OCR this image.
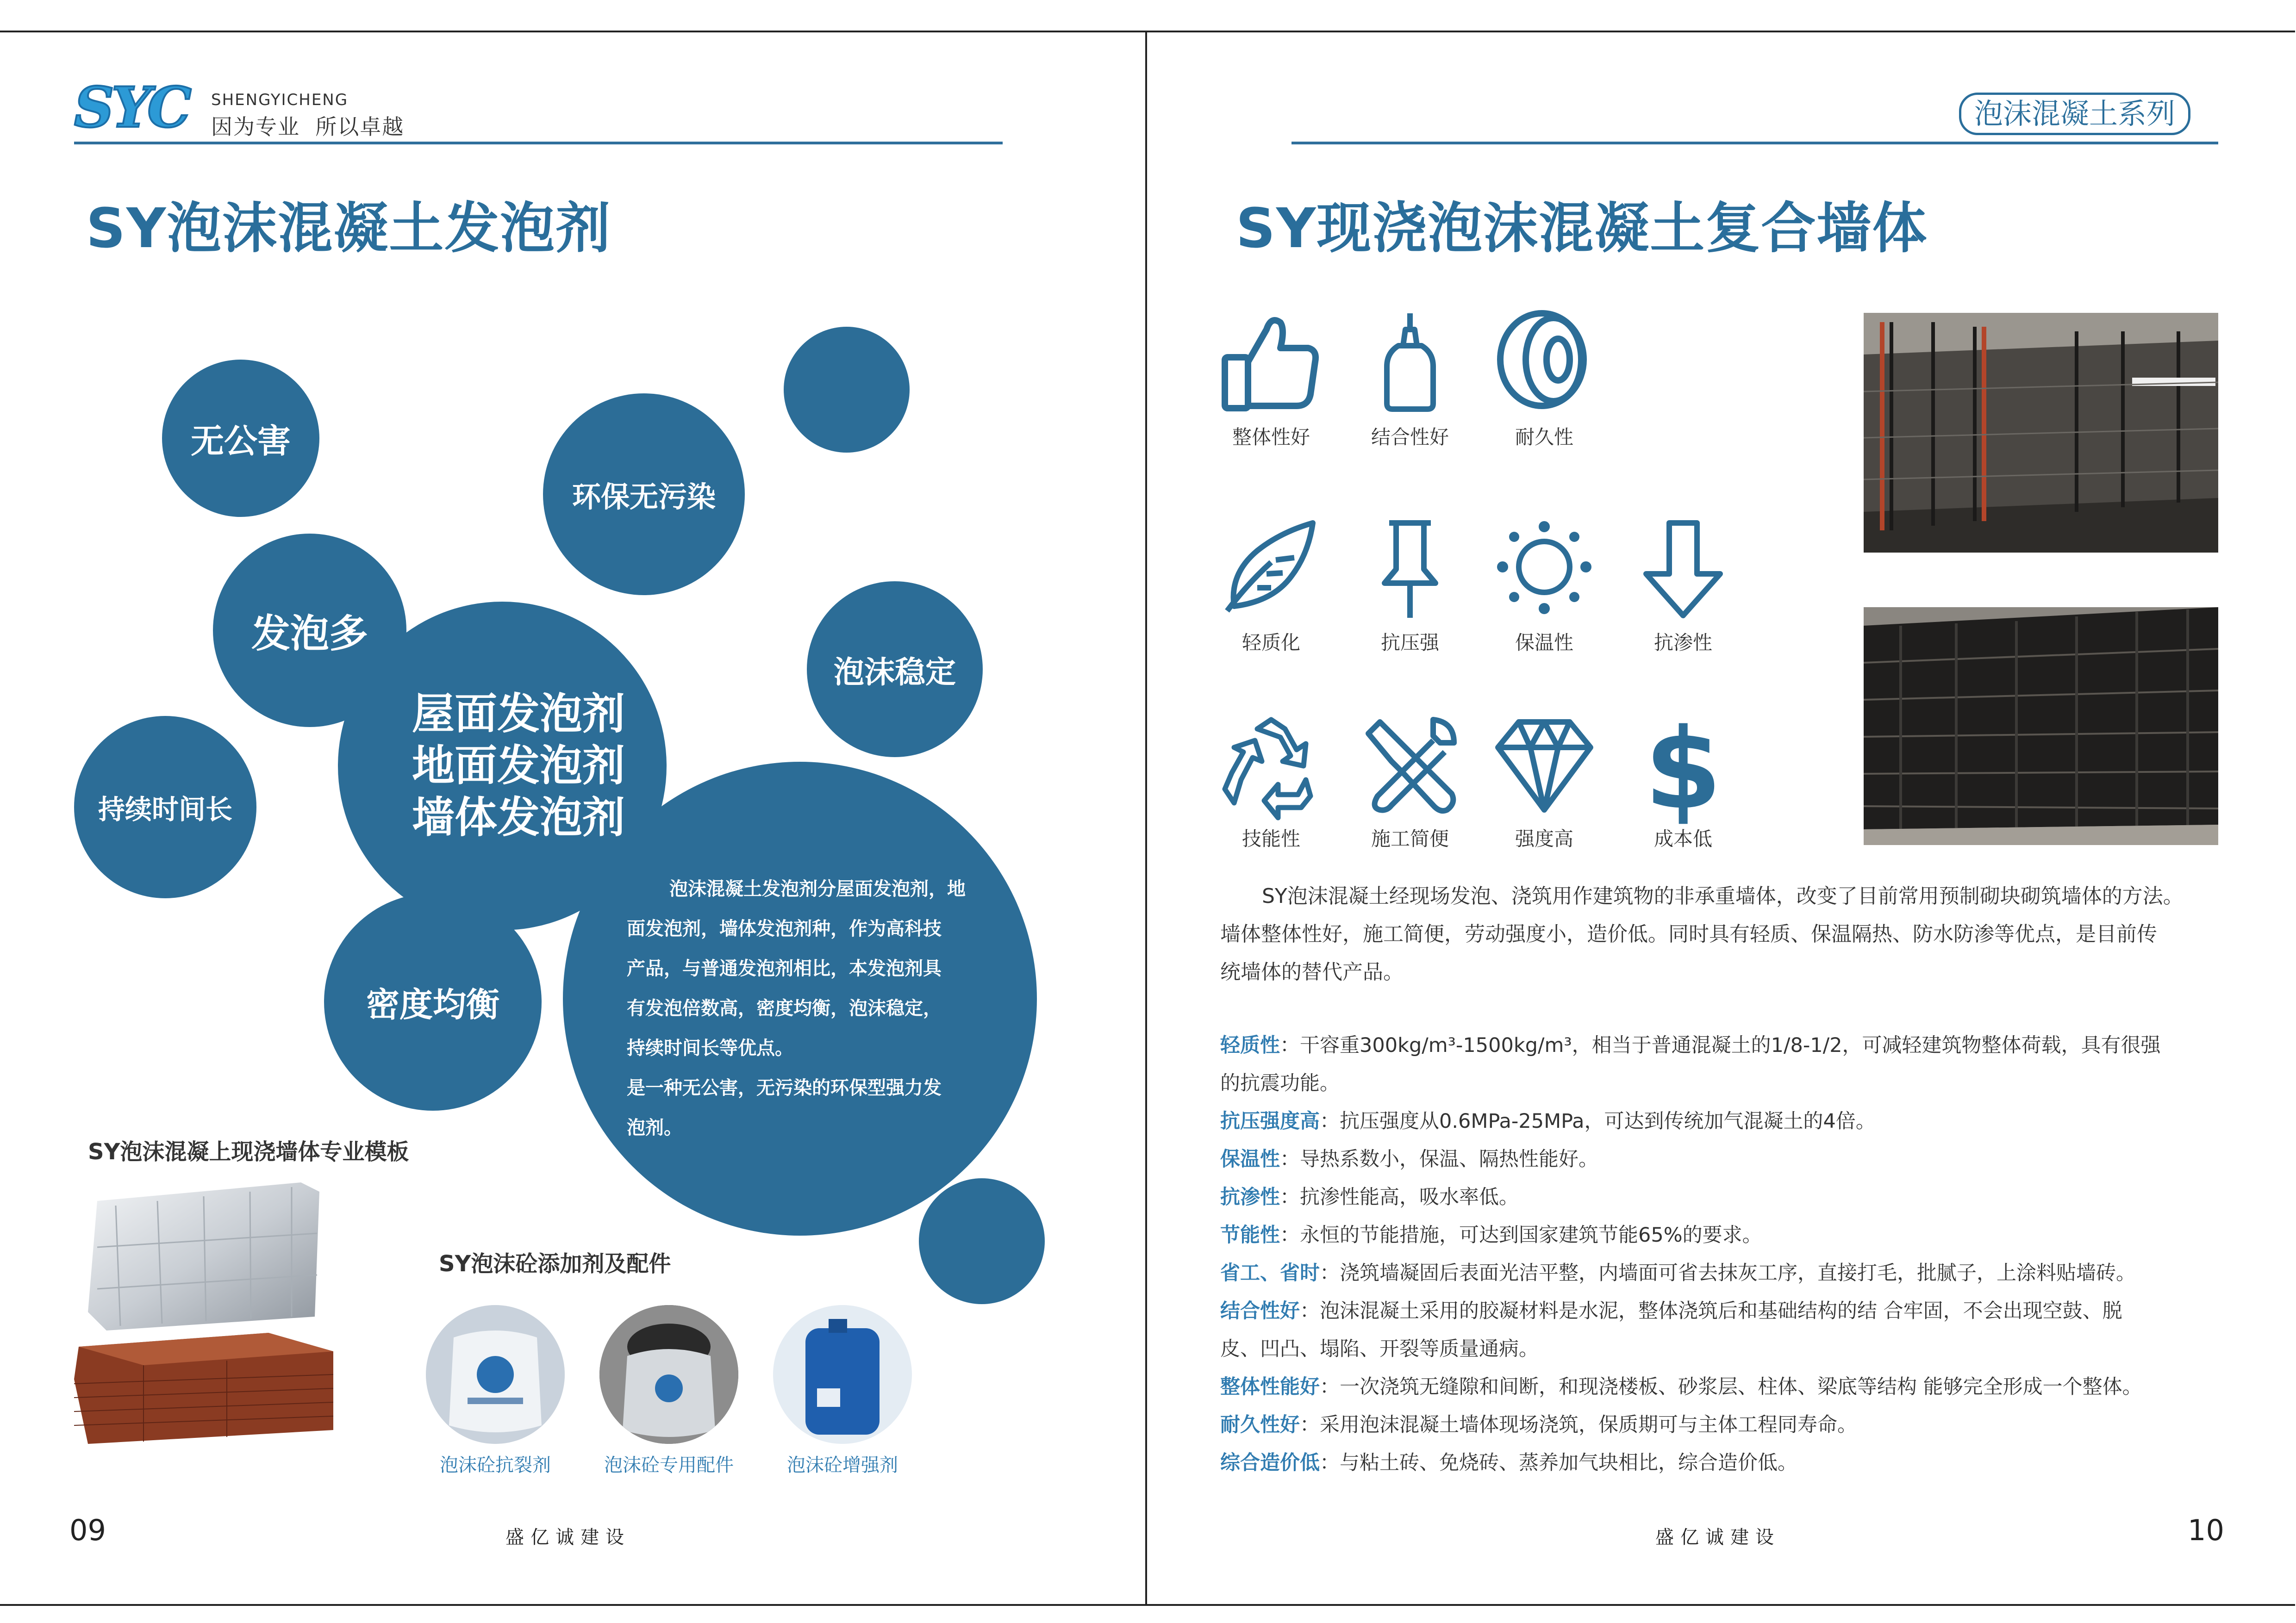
SYC SHENGYICHENG
因为专业  所以卓越
SY泡沫混凝土发泡剂
无公害
环保无污染
发泡多
泡沫稳定
持续时间长
屋面发泡剂
地面发泡剂
墙体发泡剂
密度均衡
泡沫混凝土发泡剂分屋面发泡剂，地
面发泡剂，墙体发泡剂种，作为高科技
产品，与普通发泡剂相比，本发泡剂具
有发泡倍数高，密度均衡，泡沫稳定，
持续时间长等优点。
是一种无公害，无污染的环保型强力发
泡剂。
SY泡沫混凝上现浇墙体专业模板
SY泡沫砼添加剂及配件
泡沫砼抗裂剂	泡沫砼专用配件	泡沫砼增强剂
09	盛亿诚建设
泡沫混凝土系列
SY现浇泡沫混凝土复合墙体
整体性好	结合性好	耐久性
轻质化	抗压强	保温性	抗渗性
$
技能性	施工简便	强度高	成本低
SY泡沫混凝土经现场发泡、浇筑用作建筑物的非承重墙体，改变了目前常用预制砌块砌筑墙体的方法。
墙体整体性好，施工简便，劳动强度小，造价低。同时具有轻质、保温隔热、防水防渗等优点，是目前传
统墙体的替代产品。
轻质性：干容重300kg/m³-1500kg/m³，相当于普通混凝土的1/8-1/2，可减轻建筑物整体荷载，具有很强
的抗震功能。
抗压强度高：抗压强度从0.6MPa-25MPa，可达到传统加气混凝土的4倍。
保温性：导热系数小，保温、隔热性能好。
抗渗性：抗渗性能高，吸水率低。
节能性：永恒的节能措施，可达到国家建筑节能65%的要求。
省工、省时：浇筑墙凝固后表面光洁平整，内墙面可省去抹灰工序，直接打毛，批腻子，上涂料贴墙砖。
结合性好：泡沫混凝土采用的胶凝材料是水泥，整体浇筑后和基础结构的结 合牢固，不会出现空鼓、脱
皮、凹凸、塌陷、开裂等质量通病。
整体性能好：一次浇筑无缝隙和间断，和现浇楼板、砂浆层、柱体、梁底等结构 能够完全形成一个整体。
耐久性好：采用泡沫混凝土墙体现场浇筑，保质期可与主体工程同寿命。
综合造价低：与粘土砖、免烧砖、蒸养加气块相比，综合造价低。
盛亿诚建设	10
